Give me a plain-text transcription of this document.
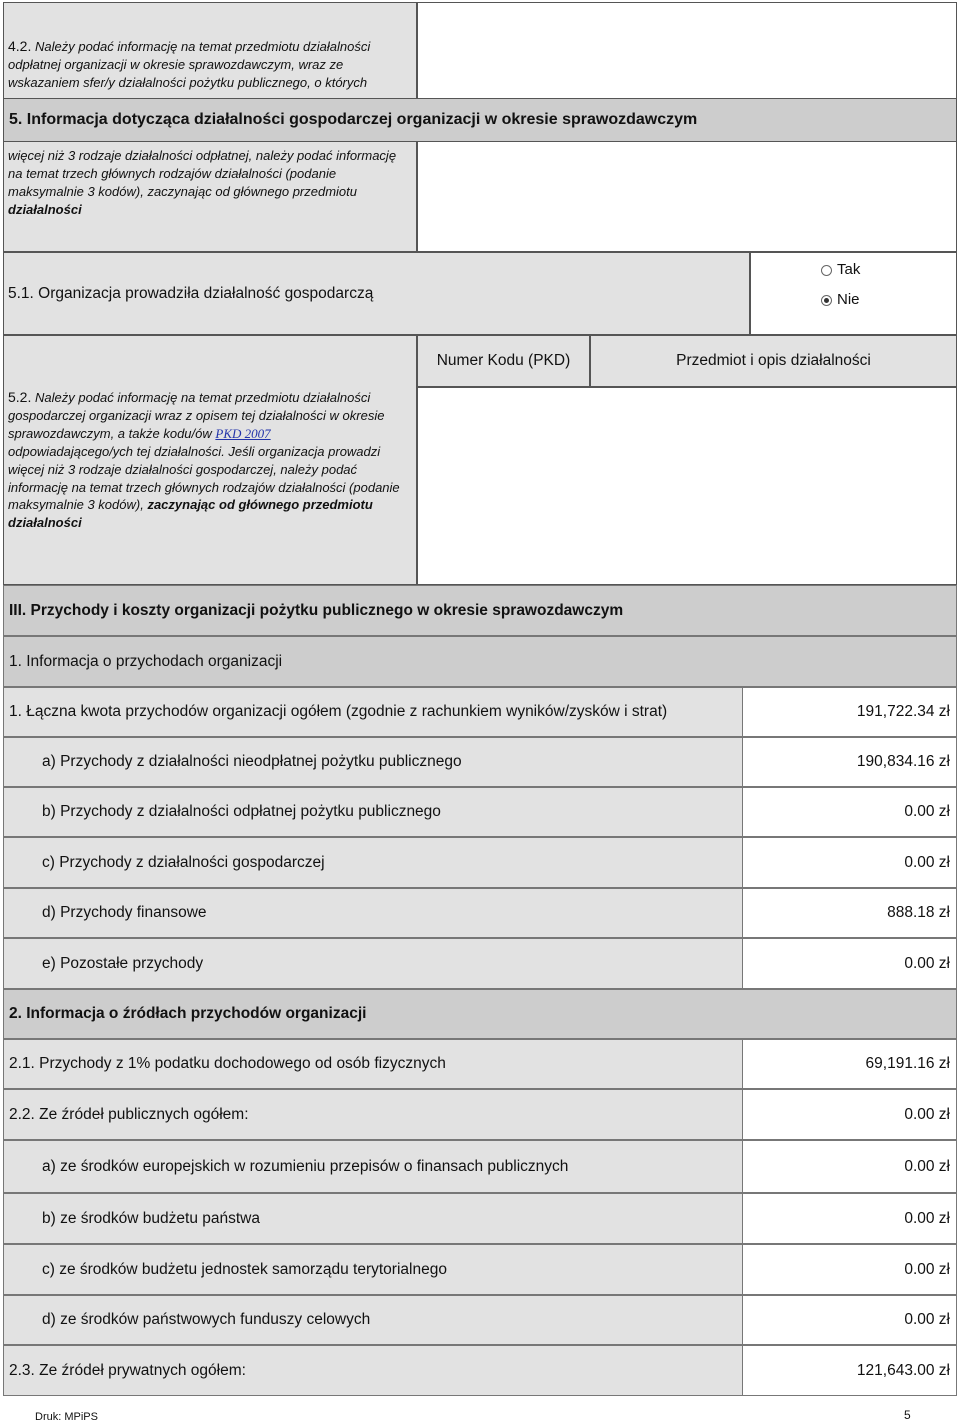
4.2. Należy podać informację na temat przedmiotu działalności
odpłatnej organizacji w okresie sprawozdawczym, wraz ze
wskazaniem sfer/y działalności pożytku publicznego, o których
więcej niż 3 rodzaje działalności odpłatnej, należy podać informację
na temat trzech głównych rodzajów działalności (podanie
maksymalnie 3 kodów), zaczynając od głównego przedmiotu
działalności
5. Informacja dotycząca działalności gospodarczej organizacji w okresie sprawozdawczym
5.1. Organizacja prowadziła działalność gospodarczą
Tak
Nie
Numer Kodu (PKD)	Przedmiot i opis działalności
5.2. Należy podać informację na temat przedmiotu działalności
gospodarczej organizacji wraz z opisem tej działalności w okresie
sprawozdawczym, a także kodu/ów PKD 2007
odpowiadającego/ych tej działalności. Jeśli organizacja prowadzi
więcej niż 3 rodzaje działalności gospodarczej, należy podać
informację na temat trzech głównych rodzajów działalności (podanie
maksymalnie 3 kodów), zaczynając od głównego przedmiotu
działalności
III. Przychody i koszty organizacji pożytku publicznego w okresie sprawozdawczym
1. Informacja o przychodach organizacji
1. Łączna kwota przychodów organizacji ogółem (zgodnie z rachunkiem wyników/zysków i strat)	191,722.34 zł
a) Przychody z działalności nieodpłatnej pożytku publicznego	190,834.16 zł
b) Przychody z działalności odpłatnej pożytku publicznego	0.00 zł
c) Przychody z działalności gospodarczej	0.00 zł
d) Przychody finansowe	888.18 zł
e) Pozostałe przychody	0.00 zł
2. Informacja o źródłach przychodów organizacji
2.1. Przychody z 1% podatku dochodowego od osób fizycznych	69,191.16 zł
2.2. Ze źródeł publicznych ogółem:	0.00 zł
a) ze środków europejskich w rozumieniu przepisów o finansach publicznych	0.00 zł
b) ze środków budżetu państwa	0.00 zł
c) ze środków budżetu jednostek samorządu terytorialnego	0.00 zł
d) ze środków państwowych funduszy celowych	0.00 zł
2.3. Ze źródeł prywatnych ogółem:	121,643.00 zł
Druk: MPiPS	5
